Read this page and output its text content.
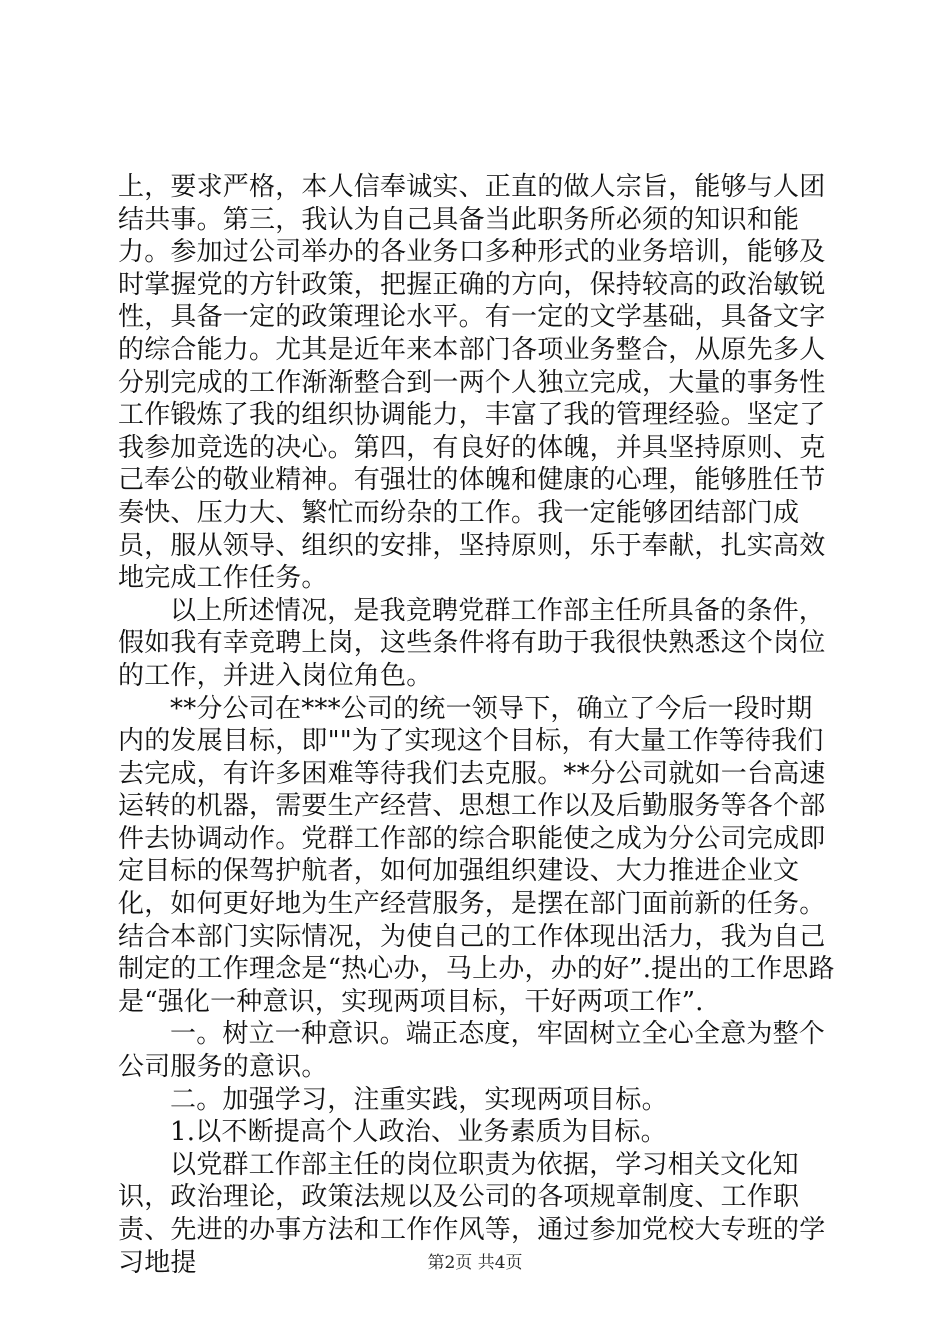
上，要求严格，本人信奉诚实、正直的做人宗旨，能够与人团结共事。第三，我认为自己具备当此职务所必须的知识和能力。参加过公司举办的各业务口多种形式的业务培训，能够及时掌握党的方针政策，把握正确的方向，保持较高的政治敏锐性，具备一定的政策理论水平。有一定的文学基础，具备文字的综合能力。尤其是近年来本部门各项业务整合，从原先多人分别完成的工作渐渐整合到一两个人独立完成，大量的事务性工作锻炼了我的组织协调能力，丰富了我的管理经验。坚定了我参加竞选的决心。第四，有良好的体魄，并具坚持原则、克己奉公的敬业精神。有强壮的体魄和健康的心理，能够胜任节奏快、压力大、繁忙而纷杂的工作。我一定能够团结部门成员，服从领导、组织的安排，坚持原则，乐于奉献，扎实高效地完成工作任务。

以上所述情况，是我竞聘党群工作部主任所具备的条件，假如我有幸竞聘上岗，这些条件将有助于我很快熟悉这个岗位的工作，并进入岗位角色。

**分公司在***公司的统一领导下，确立了今后一段时期内的发展目标，即""为了实现这个目标，有大量工作等待我们去完成，有许多困难等待我们去克服。**分公司就如一台高速运转的机器，需要生产经营、思想工作以及后勤服务等各个部件去协调动作。党群工作部的综合职能使之成为分公司完成即定目标的保驾护航者，如何加强组织建设、大力推进企业文化，如何更好地为生产经营服务，是摆在部门面前新的任务。结合本部门实际情况，为使自己的工作体现出活力，我为自己制定的工作理念是“热心办，马上办，办的好”.提出的工作思路是“强化一种意识，实现两项目标，干好两项工作”.

一。树立一种意识。端正态度，牢固树立全心全意为整个公司服务的意识。

二。加强学习，注重实践，实现两项目标。

1.以不断提高个人政治、业务素质为目标。

以党群工作部主任的岗位职责为依据，学习相关文化知识，政治理论，政策法规以及公司的各项规章制度、工作职责、先进的办事方法和工作作风等，通过参加党校大专班的学习地提	第2页 共4页
